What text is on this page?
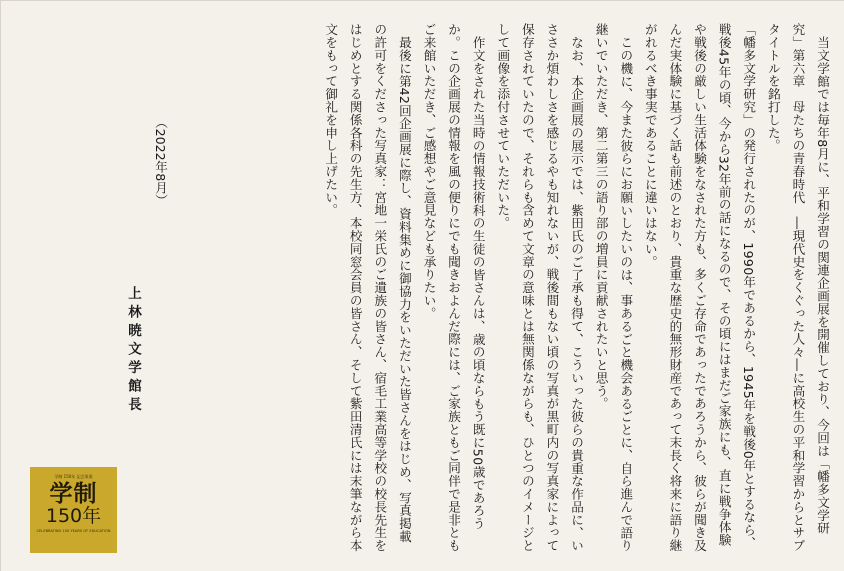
当文学館では毎年8月に、平和学習の関連企画展を開催しており、今回は「幡多文学研究」第六章　母たちの青春時代　―現代史をくぐった人々―に高校生の平和学習からとサブタイトルを銘打した。

「幡多文学研究」の発行されたのが、1990年であるから、1945年を戦後0年とするなら、戦後45年の頃、今から32年前の話になるので、その頃にはまだご家族にも、直に戦争体験や戦後の厳しい生活体験をなされた方も、多くご存命であったであろうから、彼らが聞き及んだ実体験に基づく話も前述のとおり、貴重な歴史的無形財産であって末長く将来に語り継がれるべき事実であることに違いはない。

この機に、今また彼らにお願いしたいのは、事あるごと機会あるごとに、自ら進んで語り継いでいただき、第二第三の語り部の増員に貢献されたいと思う。

なお、本企画展の展示では、紫田氏のご了承も得て、こういった彼らの貴重な作品に、いささか煩わしさを感じるやも知れないが、戦後間もない頃の写真が黒町内の写真家によって保存されていたので、それらも含めて文章の意味とは無関係ながらも、ひとつのイメージとして画像を添付させていただいた。

作文をされた当時の情報技術科の生徒の皆さんは、歳の頃ならもう既に50歳であろうか。この企画展の情報を風の便りにでも聞きおよんだ際には、ご家族ともご同伴で是非ともご来館いただき、ご感想やご意見なども承りたい。

最後に第42回企画展に際し、資料集めに御協力をいただいた皆さんをはじめ、写真掲載の許可をくださった写真家：宮地一栄氏のご遺族の皆さん、宿毛工業高等学校の校長先生をはじめとする関係各科の先生方、本校同窓会員の皆さん、そして紫田清氏には末筆ながら本文をもって御礼を申し上げたい。

（2022年8月）
上林暁文学館長
学制 150年 記念事業
学制
150年
CELEBRATING 150 YEARS OF EDUCATION
